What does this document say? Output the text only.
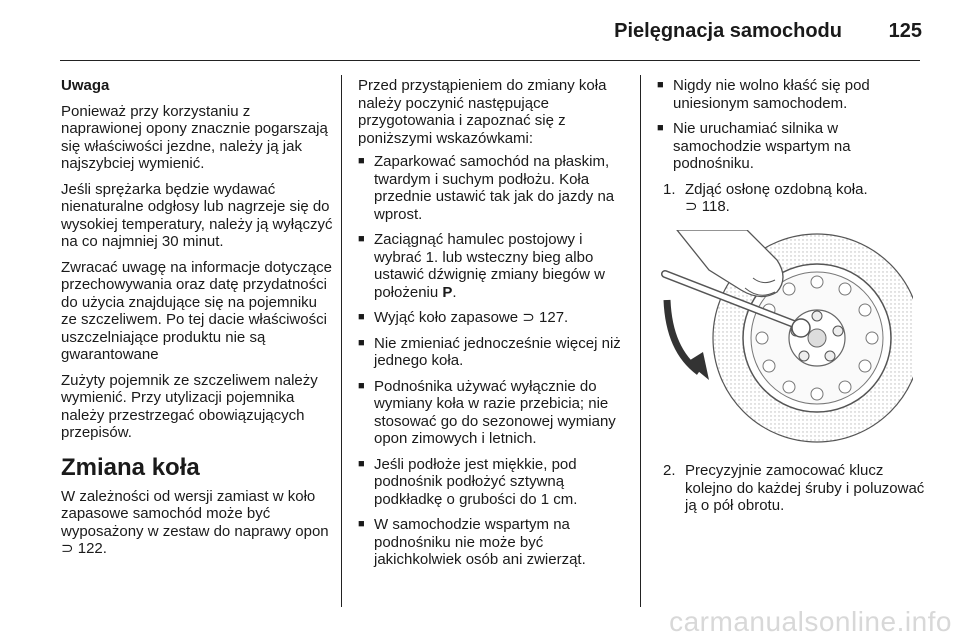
Pielęgnacja samochodu 125

Uwaga

Ponieważ przy korzystaniu z naprawionej opony znacznie pogarszają się właściwości jezdne, należy ją jak najszybciej wymienić.

Jeśli sprężarka będzie wydawać nienaturalne odgłosy lub nagrzeje się do wysokiej temperatury, należy ją wyłączyć na co najmniej 30 minut.

Zwracać uwagę na informacje dotyczące przechowywania oraz datę przydatności do użycia znajdujące się na pojemniku ze szczeliwem. Po tej dacie właściwości uszczelniające produktu nie są gwarantowane

Zużyty pojemnik ze szczeliwem należy wymienić. Przy utylizacji pojemnika należy przestrzegać obowiązujących przepisów.

Zmiana koła

W zależności od wersji zamiast w koło zapasowe samochód może być wyposażony w zestaw do naprawy opon ⊃ 122.

Przed przystąpieniem do zmiany koła należy poczynić następujące przygotowania i zapoznać się z poniższymi wskazówkami:

■ Zaparkować samochód na płaskim, twardym i suchym podłożu. Koła przednie ustawić tak jak do jazdy na wprost.
■ Zaciągnąć hamulec postojowy i wybrać 1. lub wsteczny bieg albo ustawić dźwignię zmiany biegów w położeniu P.
■ Wyjąć koło zapasowe ⊃ 127.
■ Nie zmieniać jednocześnie więcej niż jednego koła.
■ Podnośnika używać wyłącznie do wymiany koła w razie przebicia; nie stosować go do sezonowej wymiany opon zimowych i letnich.
■ Jeśli podłoże jest miękkie, pod podnośnik podłożyć sztywną podkładkę o grubości do 1 cm.
■ W samochodzie wspartym na podnośniku nie może być jakichkolwiek osób ani zwierząt.
■ Nigdy nie wolno kłaść się pod uniesionym samochodem.
■ Nie uruchamiać silnika w samochodzie wspartym na podnośniku.
1. Zdjąć osłonę ozdobną koła.
⊃ 118.
2. Precyzyjnie zamocować klucz kolejno do każdej śruby i poluzować ją o pół obrotu.
carmanualsonline.info
